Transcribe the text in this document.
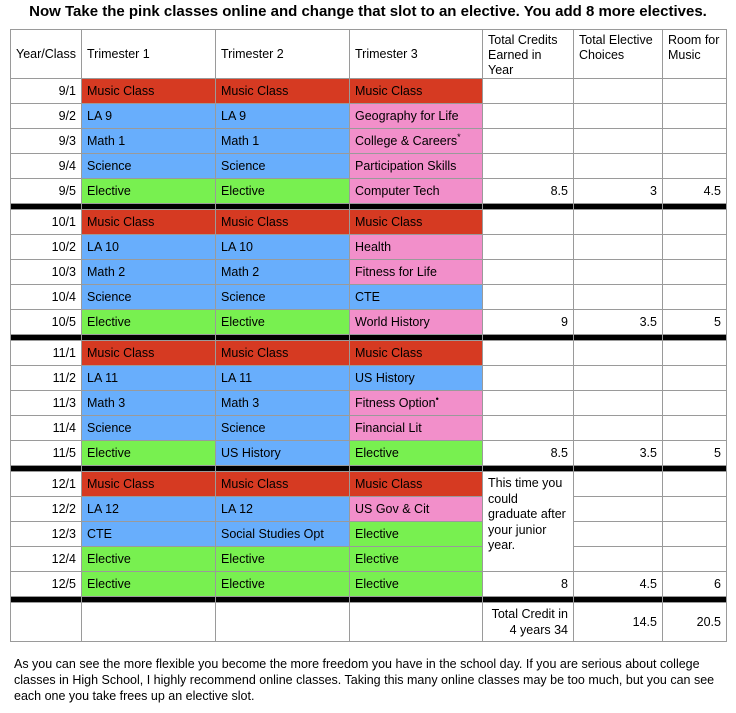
Now Take the pink classes online and change that slot to an elective. You add 8 more electives.
Year/Class	Trimester 1	Trimester 2	Trimester 3	Total Credits Earned in Year	Total Elective Choices	Room for Music
9/1	Music Class	Music Class	Music Class			
9/2	LA 9	LA 9	Geography for Life			
9/3	Math 1	Math 1	College & Careers*			
9/4	Science	Science	Participation Skills			
9/5	Elective	Elective	Computer Tech	8.5	3	4.5

10/1	Music Class	Music Class	Music Class			
10/2	LA 10	LA 10	Health			
10/3	Math 2	Math 2	Fitness for Life			
10/4	Science	Science	CTE			
10/5	Elective	Elective	World History	9	3.5	5

11/1	Music Class	Music Class	Music Class			
11/2	LA 11	LA 11	US History			
11/3	Math 3	Math 3	Fitness Option•			
11/4	Science	Science	Financial Lit			
11/5	Elective	US History	Elective	8.5	3.5	5

12/1	Music Class	Music Class	Music Class	This time you could graduate after your junior year.		
12/2	LA 12	LA 12	US Gov & Cit			
12/3	CTE	Social Studies Opt	Elective			
12/4	Elective	Elective	Elective			
12/5	Elective	Elective	Elective	8	4.5	6

				Total Credit in 4 years 34	14.5	20.5
As you can see the more flexible you become the more freedom you have in the school day. If you are serious about college classes in High School, I highly recommend online classes. Taking this many online classes may be too much, but you can see each one you take frees up an elective slot.
